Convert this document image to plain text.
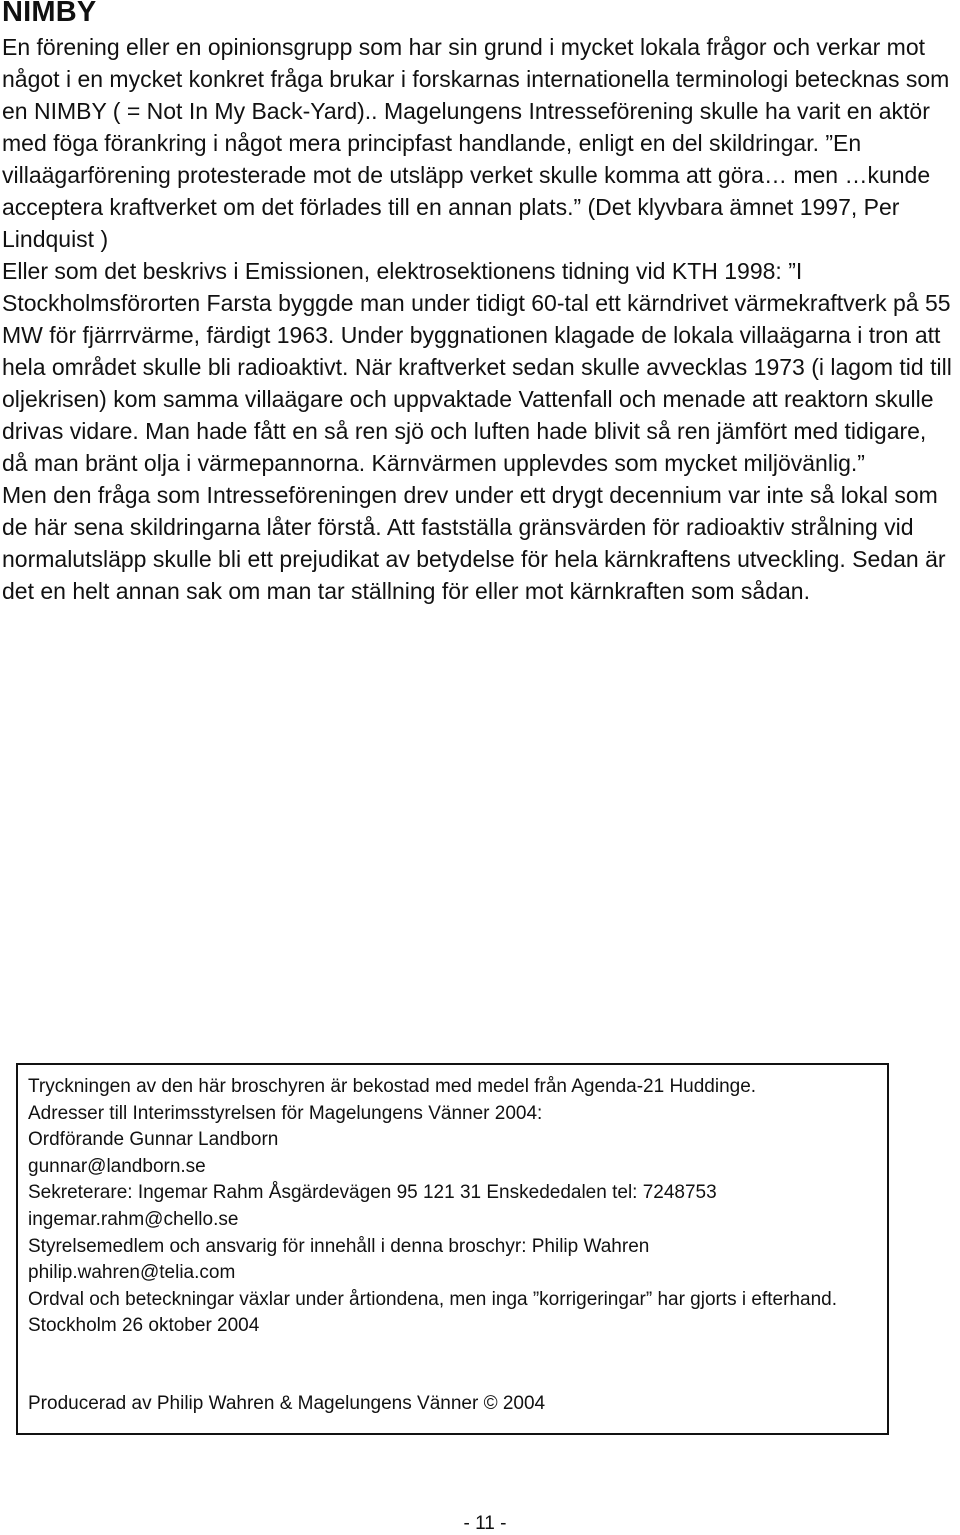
NIMBY

En förening eller en opinionsgrupp som har sin grund i mycket lokala frågor och verkar mot något i en mycket konkret fråga brukar i forskarnas internationella terminologi betecknas som en NIMBY ( = Not In My Back-Yard).. Magelungens Intresseförening skulle ha varit en aktör med föga förankring i något mera principfast handlande, enligt en del skildringar. ”En villaägarförening protesterade mot de utsläpp verket skulle komma att göra… men …kunde acceptera kraftverket om det förlades till en annan plats.” (Det klyvbara ämnet 1997, Per Lindquist )

Eller som det beskrivs i Emissionen, elektrosektionens tidning vid KTH 1998: ”I Stockholmsförorten Farsta byggde man under tidigt 60-tal ett kärndrivet värmekraftverk på 55 MW för fjärrrvärme, färdigt 1963. Under byggnationen klagade de lokala villaägarna i tron att hela området skulle bli radioaktivt. När kraftverket sedan skulle avvecklas 1973 (i lagom tid till oljekrisen) kom samma villaägare och uppvaktade Vattenfall och menade att reaktorn skulle drivas vidare. Man hade fått en så ren sjö och luften hade blivit så ren jämfört med tidigare, då man bränt olja i värmepannorna. Kärnvärmen upplevdes som mycket miljövänlig.”

Men den fråga som Intresseföreningen drev under ett drygt decennium var inte så lokal som de här sena skildringarna låter förstå. Att fastställa gränsvärden för radioaktiv strålning vid normalutsläpp skulle bli ett prejudikat av betydelse för hela kärnkraftens utveckling. Sedan är det en helt annan sak om man tar ställning för eller mot kärnkraften som sådan.

Tryckningen av den här broschyren är bekostad med medel från Agenda-21 Huddinge.
Adresser till Interimsstyrelsen för Magelungens Vänner 2004:
Ordförande Gunnar Landborn
gunnar@landborn.se
Sekreterare: Ingemar Rahm Åsgärdevägen 95 121 31 Enskededalen tel: 7248753
ingemar.rahm@chello.se
Styrelsemedlem och ansvarig för innehåll i denna broschyr: Philip Wahren
philip.wahren@telia.com
Ordval och beteckningar växlar under årtiondena, men inga ”korrigeringar” har gjorts i efterhand. Stockholm 26 oktober 2004
Producerad av Philip Wahren & Magelungens Vänner © 2004
- 11 -
